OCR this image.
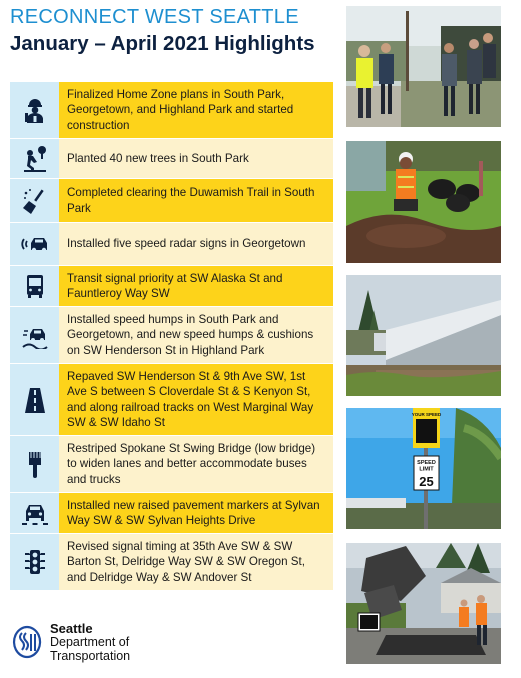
RECONNECT WEST SEATTLE
January – April 2021 Highlights
Finalized Home Zone plans in South Park, Georgetown, and Highland Park and started construction
Planted 40 new trees in South Park
Completed clearing the Duwamish Trail in South Park
Installed five speed radar signs in Georgetown
Transit signal priority at SW Alaska St and Fauntleroy Way SW
Installed speed humps in South Park and Georgetown, and new speed humps & cushions on SW Henderson St in Highland Park
Repaved SW Henderson St & 9th Ave SW, 1st Ave S between S Cloverdale St & S Kenyon St, and along railroad tracks on West Marginal Way SW & SW Idaho St
Restriped Spokane St Swing Bridge (low bridge) to widen lanes and better accommodate buses and trucks
Installed new raised pavement markers at Sylvan Way SW & SW Sylvan Heights Drive
Revised signal timing at 35th Ave SW & SW Barton St, Delridge Way SW & SW Oregon St, and Delridge Way & SW Andover St
YOUR SPEED
SPEED
LIMIT
25
Seattle
Department of
Transportation
